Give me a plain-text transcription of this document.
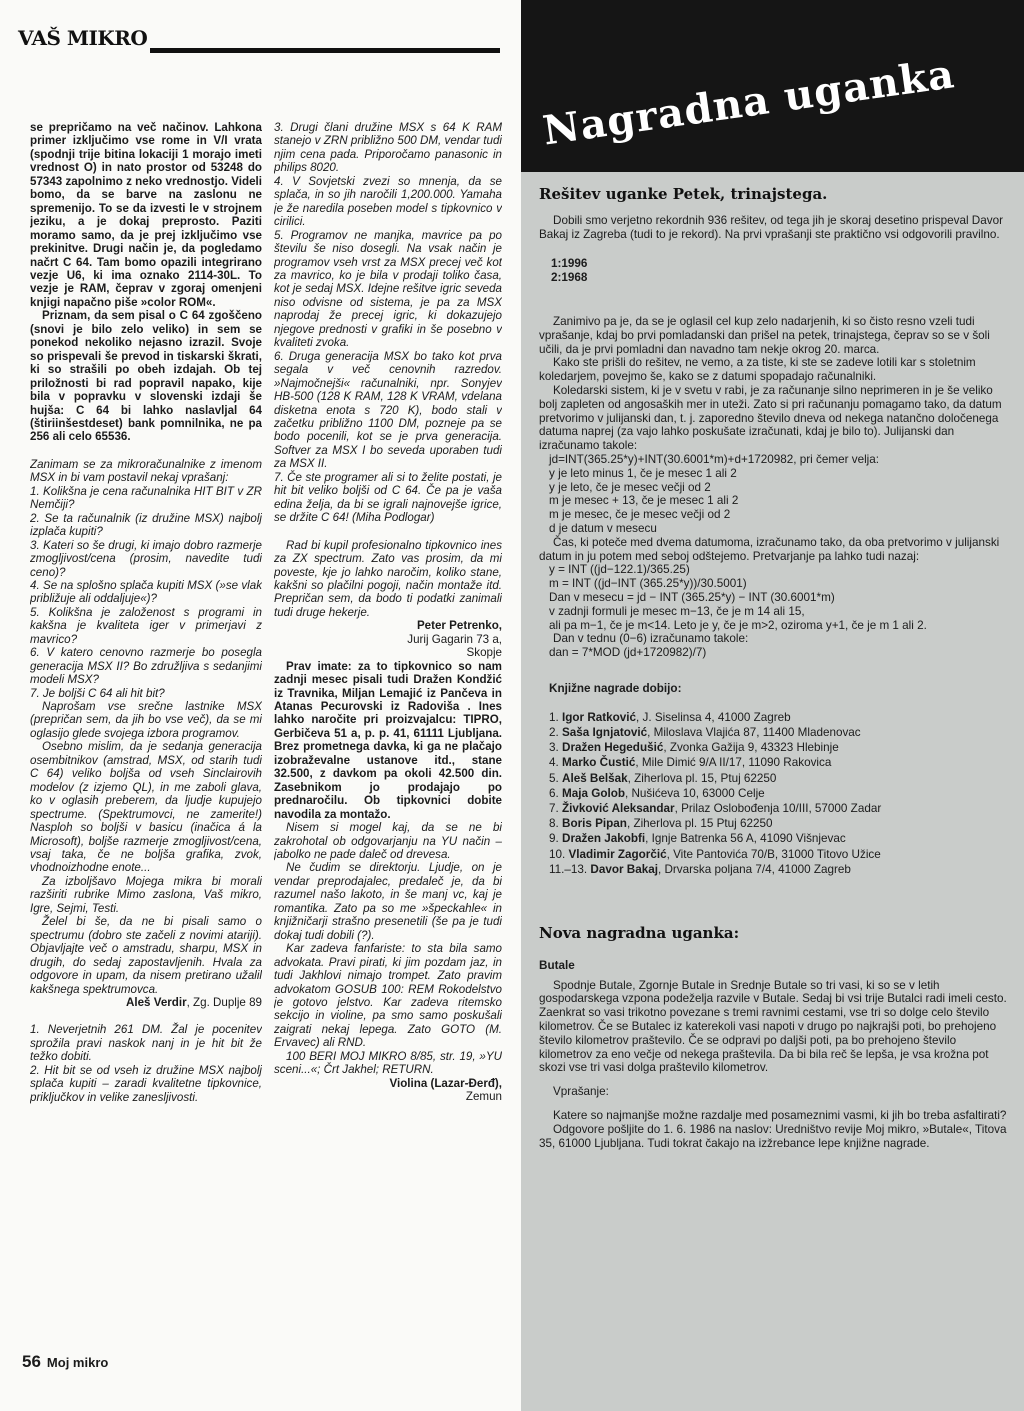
VAŠ MIKRO

se prepričamo na več načinov. Lahkona primer izključimo vse rome in V/I vrata (spodnji trije bitina lokaciji 1 morajo imeti vrednost O) in nato prostor od 53248 do 57343 zapolnimo z neko vrednostjo. Videli bomo, da se barve na zaslonu ne spremenijo. To se da izvesti le v strojnem jeziku, a je dokaj preprosto. Paziti moramo samo, da je prej izključimo vse prekinitve. Drugi način je, da pogledamo načrt C 64. Tam bomo opazili integrirano vezje U6, ki ima oznako 2114-30L. To vezje je RAM, čeprav v zgoraj omenjeni knjigi napačno piše »color ROM«.

Priznam, da sem pisal o C 64 zgoščeno (snovi je bilo zelo veliko) in sem se ponekod nekoliko nejasno izrazil. Svoje so prispevali še prevod in tiskarski škrati, ki so strašili po obeh izdajah. Ob tej priložnosti bi rad popravil napako, kije bila v popravku v slovenski izdaji še hujša: C 64 bi lahko naslavljal 64 (štiriinšestdeset) bank pomnilnika, ne pa 256 ali celo 65536.

Zanimam se za mikroračunalnike z imenom MSX in bi vam postavil nekaj vprašanj:

1. Kolikšna je cena računalnika HIT BIT v ZR Nemčiji?

2. Se ta računalnik (iz družine MSX) najbolj izplača kupiti?

3. Kateri so še drugi, ki imajo dobro razmerje zmogljivost/cena (prosim, navedite tudi ceno)?

4. Se na splošno splača kupiti MSX (»se vlak približuje ali oddaljuje«)?

5. Kolikšna je založenost s programi in kakšna je kvaliteta iger v primerjavi z mavrico?

6. V katero cenovno razmerje bo posegla generacija MSX II? Bo združljiva s sedanjimi modeli MSX?

7. Je boljši C 64 ali hit bit?

Naprošam vse srečne lastnike MSX (prepričan sem, da jih bo vse več), da se mi oglasijo glede svojega izbora programov.

Osebno mislim, da je sedanja generacija osembitnikov (amstrad, MSX, od starih tudi C 64) veliko boljša od vseh Sinclairovih modelov (z izjemo QL), in me zaboli glava, ko v oglasih preberem, da ljudje kupujejo spectrume. (Spektrumovci, ne zamerite!) Nasploh so boljši v basicu (inačica á la Microsoft), boljše razmerje zmogljivost/cena, vsaj taka, če ne boljša grafika, zvok, vhodnoizhodne enote...

Za izboljšavo Mojega mikra bi morali razširiti rubrike Mimo zaslona, Vaš mikro, Igre, Sejmi, Testi.

Želel bi še, da ne bi pisali samo o spectrumu (dobro ste začeli z novimi atariji). Objavljajte več o amstradu, sharpu, MSX in drugih, do sedaj zapostavljenih. Hvala za odgovore in upam, da nisem pretirano užalil kakšnega spektrumovca.

Aleš Verdir, Zg. Duplje 89

1. Neverjetnih 261 DM. Žal je pocenitev sprožila pravi naskok nanj in je hit bit že težko dobiti.

2. Hit bit se od vseh iz družine MSX najbolj splača kupiti – zaradi kvalitetne tipkovnice, priključkov in velike zanesljivosti.

3. Drugi člani družine MSX s 64 K RAM stanejo v ZRN približno 500 DM, vendar tudi njim cena pada. Priporočamo panasonic in philips 8020.

4. V Sovjetski zvezi so mnenja, da se splača, in so jih naročili 1,200.000. Yamaha je že naredila poseben model s tipkovnico v cirilici.

5. Programov ne manjka, mavrice pa po številu še niso dosegli. Na vsak način je programov vseh vrst za MSX precej več kot za mavrico, ko je bila v prodaji toliko časa, kot je sedaj MSX. Idejne rešitve igric seveda niso odvisne od sistema, je pa za MSX naprodaj že precej igric, ki dokazujejo njegove prednosti v grafiki in še posebno v kvaliteti zvoka.

6. Druga generacija MSX bo tako kot prva segala v več cenovnih razredov. »Najmočnejši« računalniki, npr. Sonyjev HB-500 (128 K RAM, 128 K VRAM, vdelana disketna enota s 720 K), bodo stali v začetku približno 1100 DM, pozneje pa se bodo pocenili, kot se je prva generacija. Softver za MSX I bo seveda uporaben tudi za MSX II.

7. Če ste programer ali si to želite postati, je hit bit veliko boljši od C 64. Če pa je vaša edina želja, da bi se igrali najnovejše igrice, se držite C 64! (Miha Podlogar)

Rad bi kupil profesionalno tipkovnico ines za ZX spectrum. Zato vas prosim, da mi poveste, kje jo lahko naročim, koliko stane, kakšni so plačilni pogoji, način montaže itd. Prepričan sem, da bodo ti podatki zanimali tudi druge hekerje.

Peter Petrenko,

Jurij Gagarin 73 a,

Skopje

Prav imate: za to tipkovnico so nam zadnji mesec pisali tudi Dražen Kondžić iz Travnika, Miljan Lemajić iz Pančeva in Atanas Pecurovski iz Radoviša . Ines lahko naročite pri proizvajalcu: TIPRO, Gerbičeva 51 a, p. p. 41, 61111 Ljubljana. Brez prometnega davka, ki ga ne plačajo izobraževalne ustanove itd., stane 32.500, z davkom pa okoli 42.500 din. Zasebnikom jo prodajajo po prednaročilu. Ob tipkovnici dobite navodila za montažo.

Nisem si mogel kaj, da se ne bi zakrohotal ob odgovarjanju na YU način – jabolko ne pade daleč od drevesa.

Ne čudim se direktorju. Ljudje, on je vendar preprodajalec, predaleč je, da bi razumel našo lakoto, in še manj vc, kaj je romantika. Zato pa so me »špeckahle« in knjižničarji strašno presenetili (še pa je tudi dokaj tudi dobili (?).

Kar zadeva fanfariste: to sta bila samo advokata. Pravi pirati, ki jim pozdam jaz, in tudi Jakhlovi nimajo trompet. Zato pravim advokatom GOSUB 100: REM Rokodelstvo je gotovo jelstvo. Kar zadeva ritemsko sekcijo in violine, pa smo samo poskušali zaigrati nekaj lepega. Zato GOTO (M. Ervavec) ali RND.

100 BERI MOJ MIKRO 8/85, str. 19, »YU sceni...«; Črt Jakhel; RETURN.

Violina (Lazar-Đerđ),

Zemun

Nagradna uganka
Rešitev uganke Petek, trinajstega.

Dobili smo verjetno rekordnih 936 rešitev, od tega jih je skoraj desetino prispeval Davor Bakaj iz Zagreba (tudi to je rekord). Na prvi vprašanji ste praktično vsi odgovorili pravilno.

1:1996

2:1968

Zanimivo pa je, da se je oglasil cel kup zelo nadarjenih, ki so čisto resno vzeli tudi vprašanje, kdaj bo prvi pomladanski dan prišel na petek, trinajstega, čeprav so se v šoli učili, da je prvi pomladni dan navadno tam nekje okrog 20. marca.

Kako ste prišli do rešitev, ne vemo, a za tiste, ki ste se zadeve lotili kar s stoletnim koledarjem, povejmo še, kako se z datumi spopadajo računalniki.

Koledarski sistem, ki je v svetu v rabi, je za računanje silno neprimeren in je še veliko bolj zapleten od angosaških mer in uteži. Zato si pri računanju pomagamo tako, da datum pretvorimo v julijanski dan, t. j. zaporedno število dneva od nekega natančno določenega datuma naprej (za vajo lahko poskušate izračunati, kdaj je bilo to). Julijanski dan izračunamo takole:

jd=INT(365.25*y)+INT(30.6001*m)+d+1720982, pri čemer velja:

y je leto minus 1, če je mesec 1 ali 2

y je leto, če je mesec večji od 2

m je mesec + 13, če je mesec 1 ali 2

m je mesec, če je mesec večji od 2

d je datum v mesecu

Čas, ki poteče med dvema datumoma, izračunamo tako, da oba pretvorimo v julijanski datum in ju potem med seboj odštejemo. Pretvarjanje pa lahko tudi nazaj:

y = INT ((jd−122.1)/365.25)

m = INT ((jd−INT (365.25*y))/30.5001)

Dan v mesecu = jd − INT (365.25*y) − INT (30.6001*m)

v zadnji formuli je mesec m−13, če je m 14 ali 15,

ali pa m−1, če je m<14. Leto je y, če je m>2, oziroma y+1, če je m 1 ali 2.

Dan v tednu (0−6) izračunamo takole:

dan = 7*MOD (jd+1720982)/7)

Knjižne nagrade dobijo:

1. Igor Ratković, J. Siselinsa 4, 41000 Zagreb
2. Saša Ignjatović, Miloslava Vlajića 87, 11400 Mladenovac
3. Dražen Hegedušić, Zvonka Gažija 9, 43323 Hlebinje
4. Marko Čustić, Mile Dimić 9/A II/17, 11090 Rakovica
5. Aleš Belšak, Ziherlova pl. 15, Ptuj 62250
6. Maja Golob, Nušićeva 10, 63000 Celje
7. Živković Aleksandar, Prilaz Oslobođenja 10/III, 57000 Zadar
8. Boris Pipan, Ziherlova pl. 15 Ptuj 62250
9. Dražen Jakobfi, Ignje Batrenka 56 A, 41090 Višnjevac
10. Vladimir Zagorčić, Vite Pantovića 70/B, 31000 Titovo Užice
11.–13. Davor Bakaj, Drvarska poljana 7/4, 41000 Zagreb
Nova nagradna uganka:

Butale

Spodnje Butale, Zgornje Butale in Srednje Butale so tri vasi, ki so se v letih gospodarskega vzpona podeželja razvile v Butale. Sedaj bi vsi trije Butalci radi imeli cesto. Zaenkrat so vasi trikotno povezane s tremi ravnimi cestami, vse tri so dolge celo število kilometrov. Če se Butalec iz katerekoli vasi napoti v drugo po najkrajši poti, bo prehojeno število kilometrov praštevilo. Če se odpravi po daljši poti, pa bo prehojeno število kilometrov za eno večje od nekega praštevila. Da bi bila reč še lepša, je vsa krožna pot skozi vse tri vasi dolga praštevilo kilometrov.

Vprašanje:

Katere so najmanjše možne razdalje med posameznimi vasmi, ki jih bo treba asfaltirati?

Odgovore pošljite do 1. 6. 1986 na naslov: Uredništvo revije Moj mikro, »Butale«, Titova 35, 61000 Ljubljana. Tudi tokrat čakajo na izžrebance lepe knjižne nagrade.

56 Moj mikro
